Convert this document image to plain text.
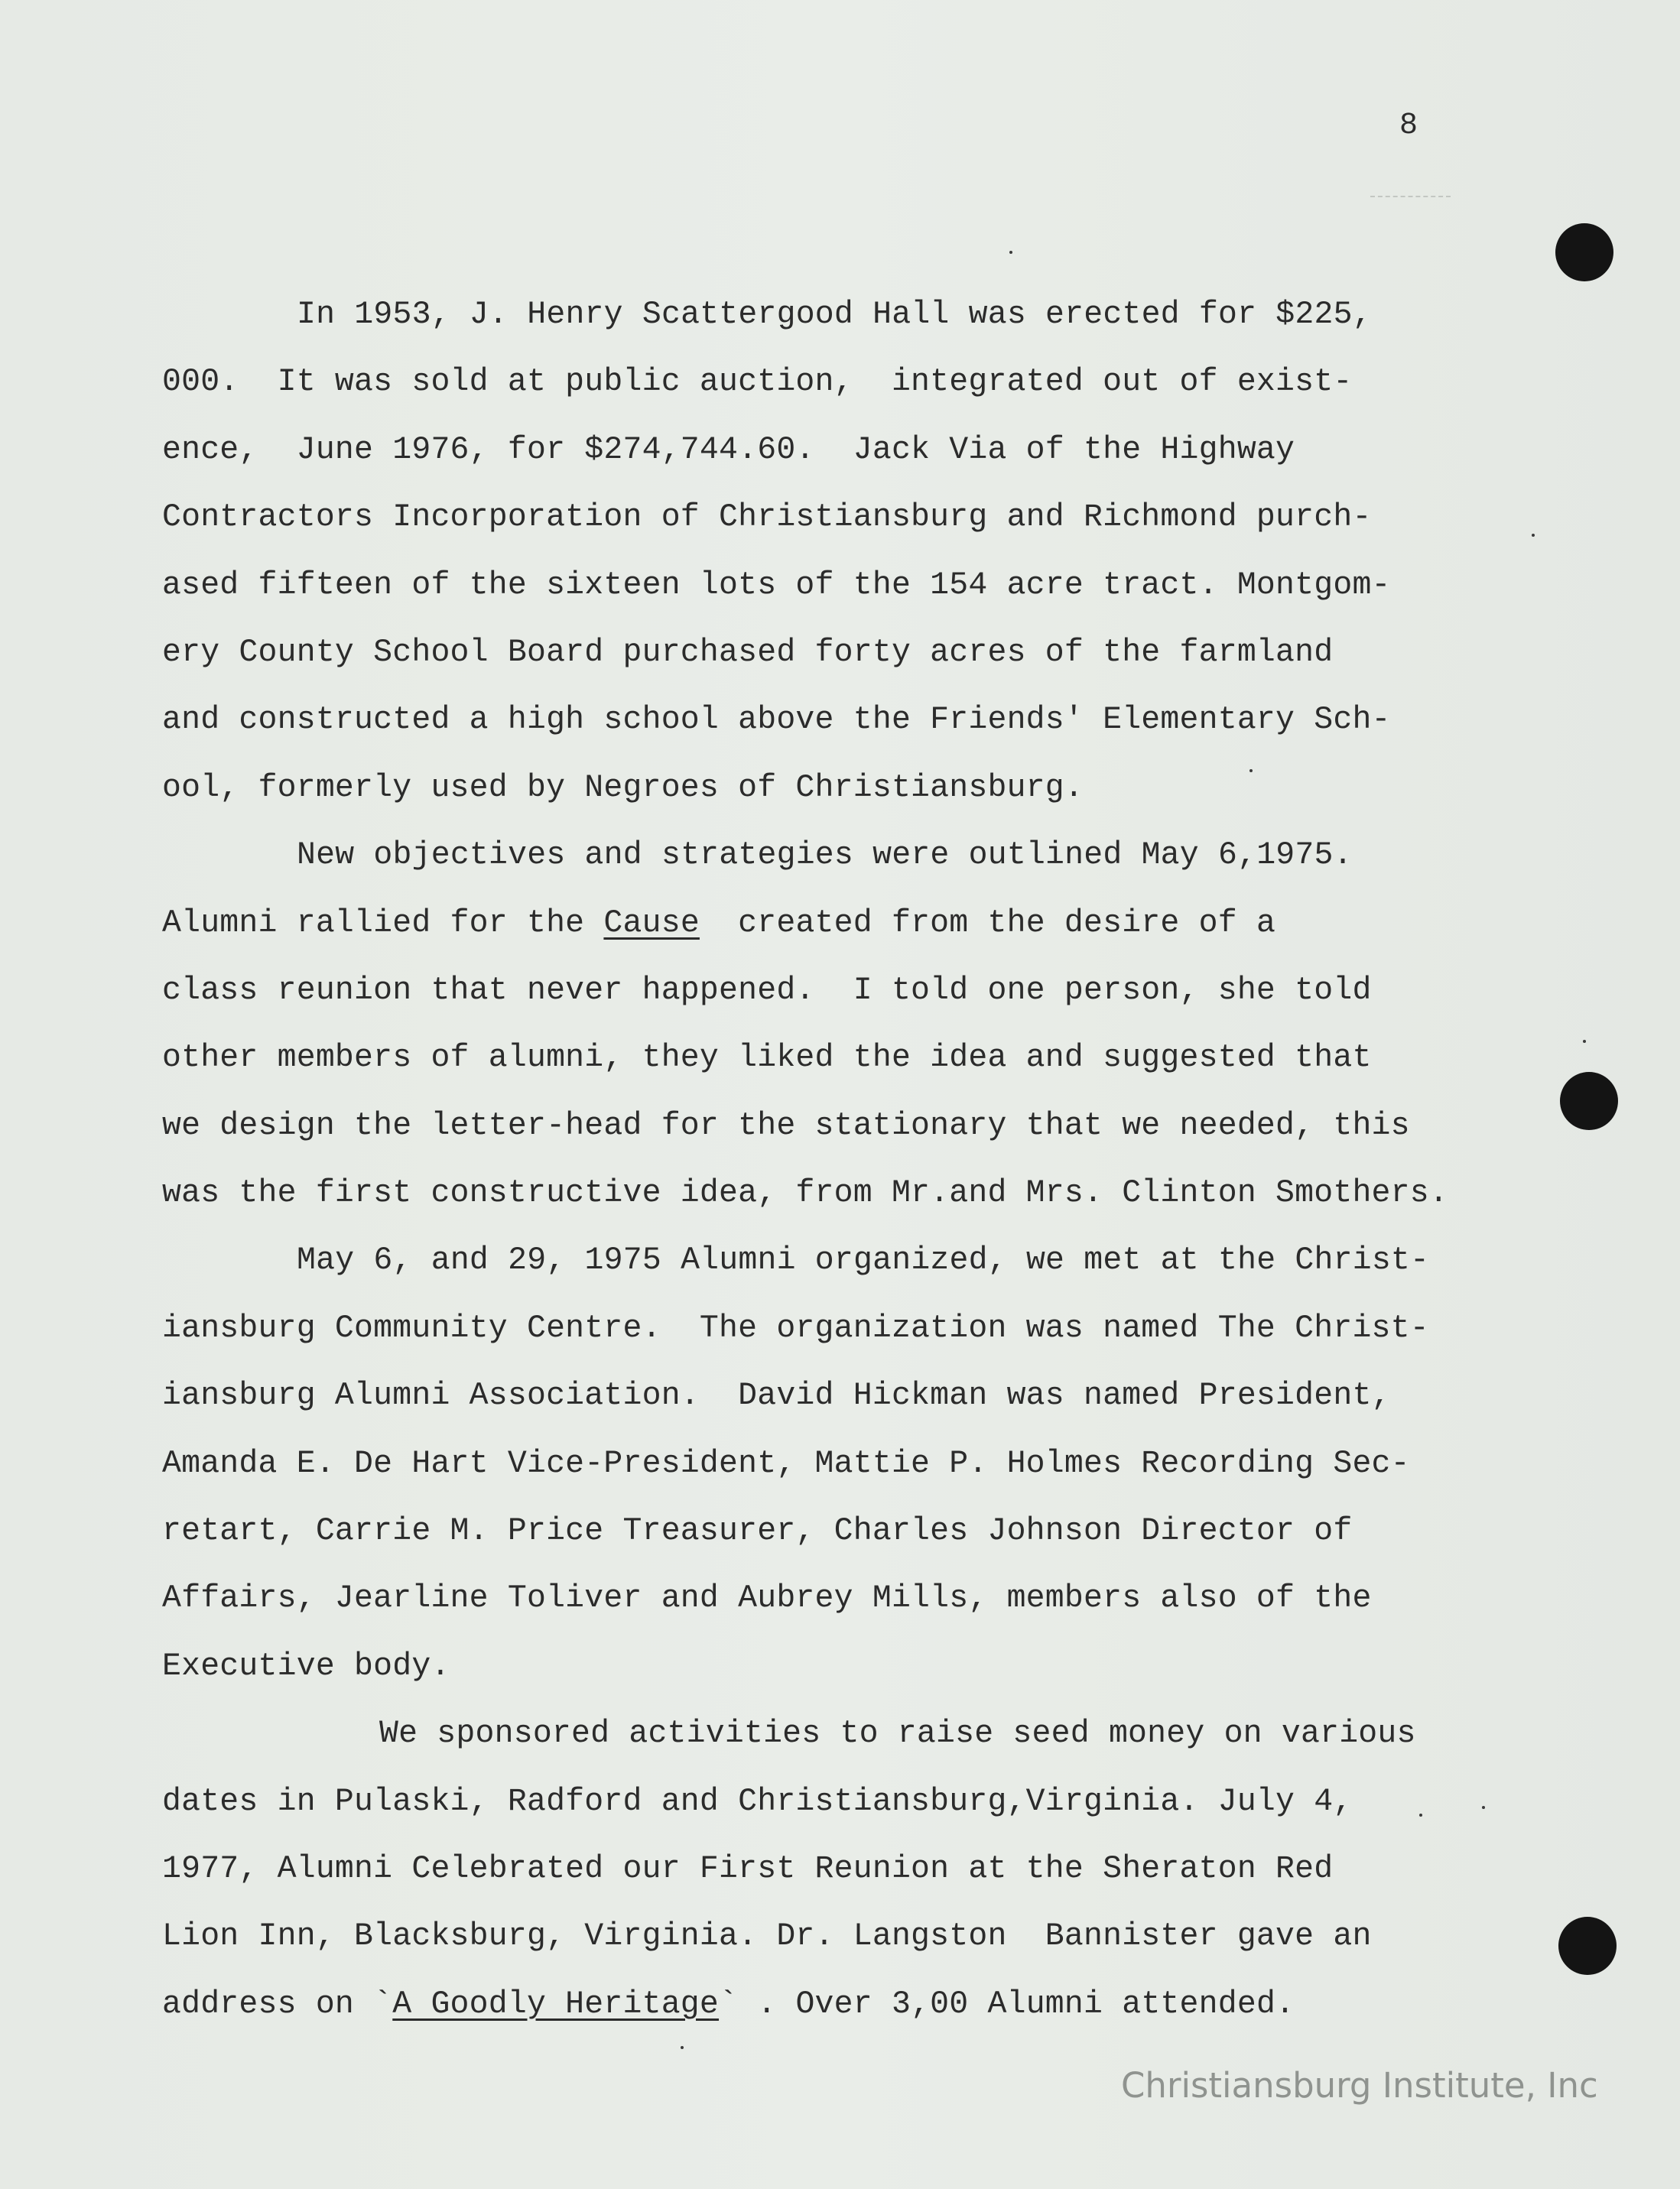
8
In 1953, J. Henry Scattergood Hall was erected for $225,
000.  It was sold at public auction,  integrated out of exist-
ence,  June 1976, for $274,744.60.  Jack Via of the Highway
Contractors Incorporation of Christiansburg and Richmond purch-
ased fifteen of the sixteen lots of the 154 acre tract. Montgom-
ery County School Board purchased forty acres of the farmland
and constructed a high school above the Friends' Elementary Sch-
ool, formerly used by Negroes of Christiansburg.
New objectives and strategies were outlined May 6,1975.
Alumni rallied for the Cause  created from the desire of a
class reunion that never happened.  I told one person, she told
other members of alumni, they liked the idea and suggested that
we design the letter-head for the stationary that we needed, this
was the first constructive idea, from Mr.and Mrs. Clinton Smothers.
May 6, and 29, 1975 Alumni organized, we met at the Christ-
iansburg Community Centre.  The organization was named The Christ-
iansburg Alumni Association.  David Hickman was named President,
Amanda E. De Hart Vice-President, Mattie P. Holmes Recording Sec-
retart, Carrie M. Price Treasurer, Charles Johnson Director of
Affairs, Jearline Toliver and Aubrey Mills, members also of the
Executive body.
We sponsored activities to raise seed money on various
dates in Pulaski, Radford and Christiansburg,Virginia. July 4,
1977, Alumni Celebrated our First Reunion at the Sheraton Red
Lion Inn, Blacksburg, Virginia. Dr. Langston  Bannister gave an
address on `A Goodly Heritage` . Over 3,00 Alumni attended.
Christiansburg Institute, Inc
